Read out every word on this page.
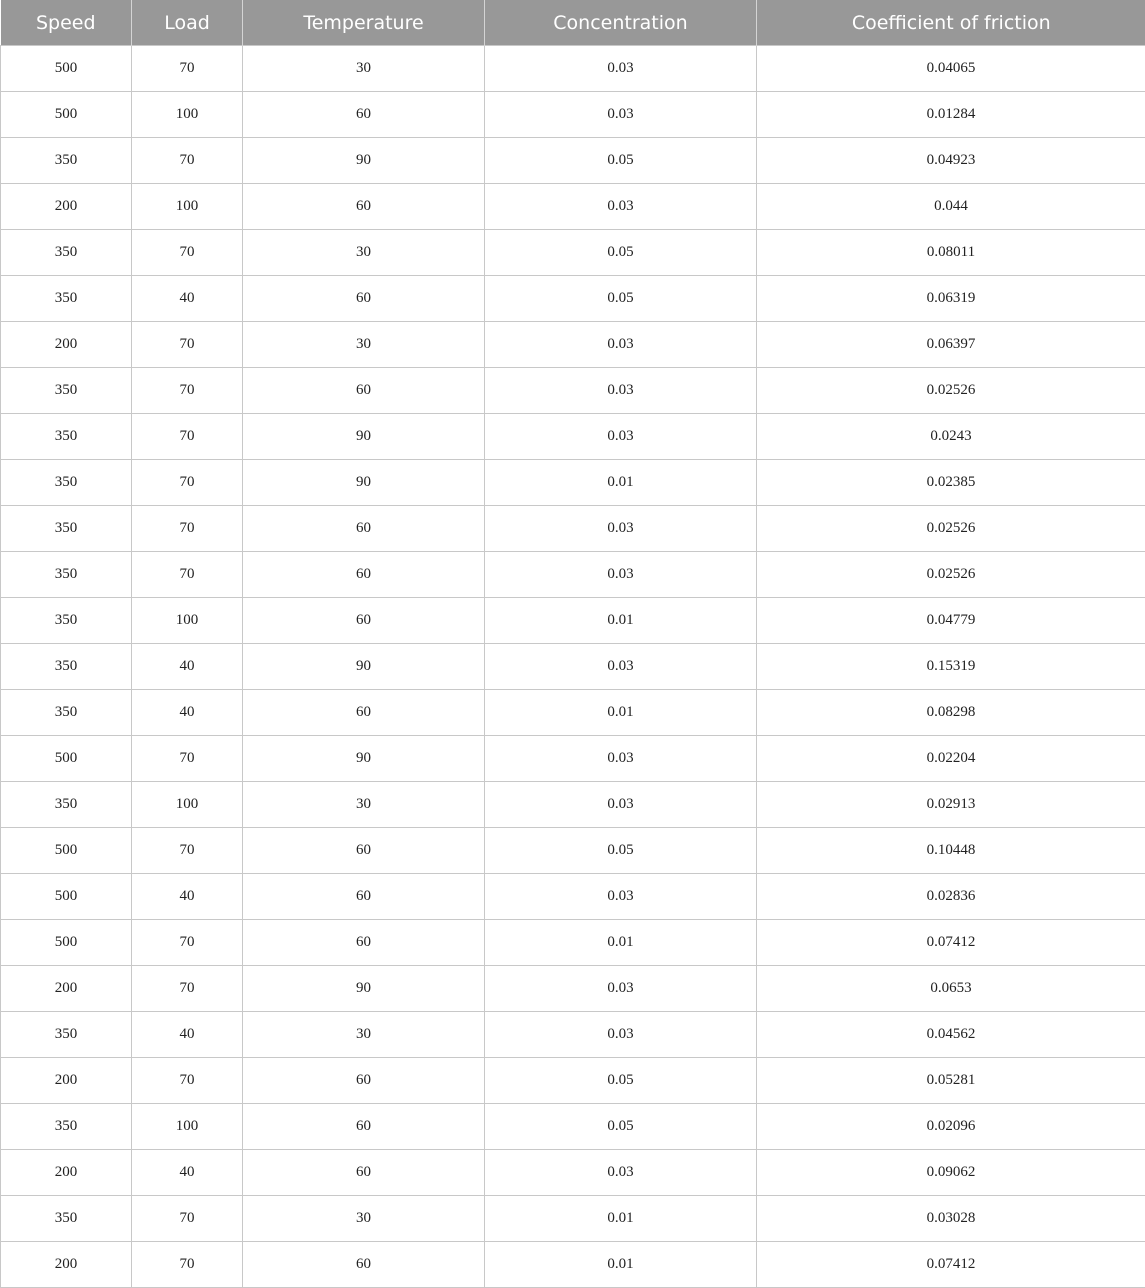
Speed	Load	Temperature	Concentration	Coefficient of friction
500	70	30	0.03	0.04065
500	100	60	0.03	0.01284
350	70	90	0.05	0.04923
200	100	60	0.03	0.044
350	70	30	0.05	0.08011
350	40	60	0.05	0.06319
200	70	30	0.03	0.06397
350	70	60	0.03	0.02526
350	70	90	0.03	0.0243
350	70	90	0.01	0.02385
350	70	60	0.03	0.02526
350	70	60	0.03	0.02526
350	100	60	0.01	0.04779
350	40	90	0.03	0.15319
350	40	60	0.01	0.08298
500	70	90	0.03	0.02204
350	100	30	0.03	0.02913
500	70	60	0.05	0.10448
500	40	60	0.03	0.02836
500	70	60	0.01	0.07412
200	70	90	0.03	0.0653
350	40	30	0.03	0.04562
200	70	60	0.05	0.05281
350	100	60	0.05	0.02096
200	40	60	0.03	0.09062
350	70	30	0.01	0.03028
200	70	60	0.01	0.07412
